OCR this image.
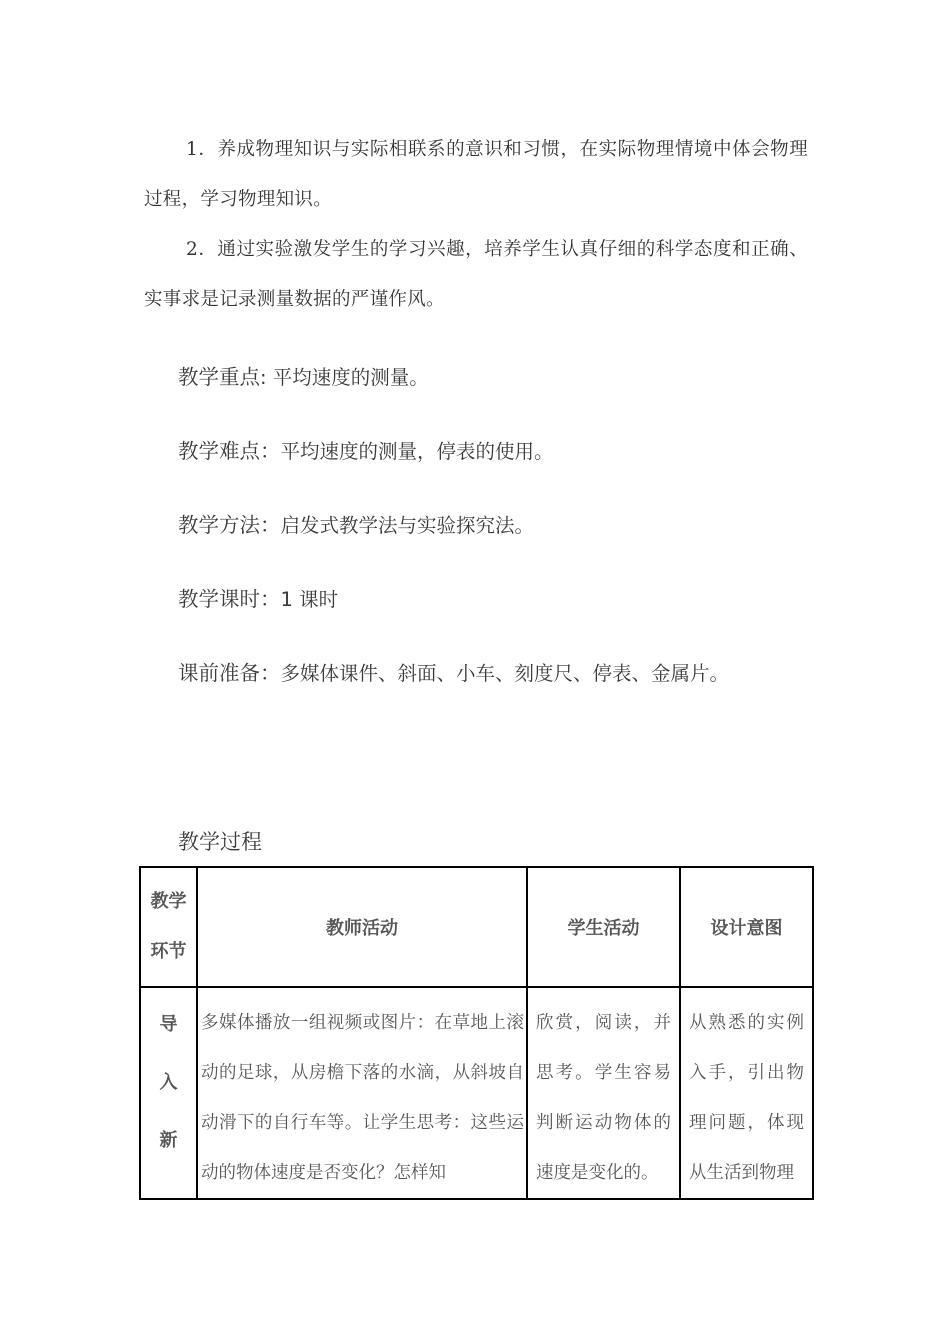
1．养成物理知识与实际相联系的意识和习惯，在实际物理情境中体会物理过程，学习物理知识。
2．通过实验激发学生的学习兴趣，培养学生认真仔细的科学态度和正确、实事求是记录测量数据的严谨作风。
教学重点: 平均速度的测量。
教学难点：平均速度的测量，停表的使用。
教学方法：启发式教学法与实验探究法。
教学课时：1 课时
课前准备：多媒体课件、斜面、小车、刻度尺、停表、金属片。
教学过程
教学
环节	教师活动	学生活动	设计意图

导
入
新	多媒体播放一组视频或图片：在草地上滚动的足球，从房檐下落的水滴，从斜坡自动滑下的自行车等。让学生思考：这些运动的物体速度是否变化？怎样知	欣赏，阅读，并思考。学生容易判断运动物体的速度是变化的。	从熟悉的实例入手，引出物理问题，体现从生活到物理
